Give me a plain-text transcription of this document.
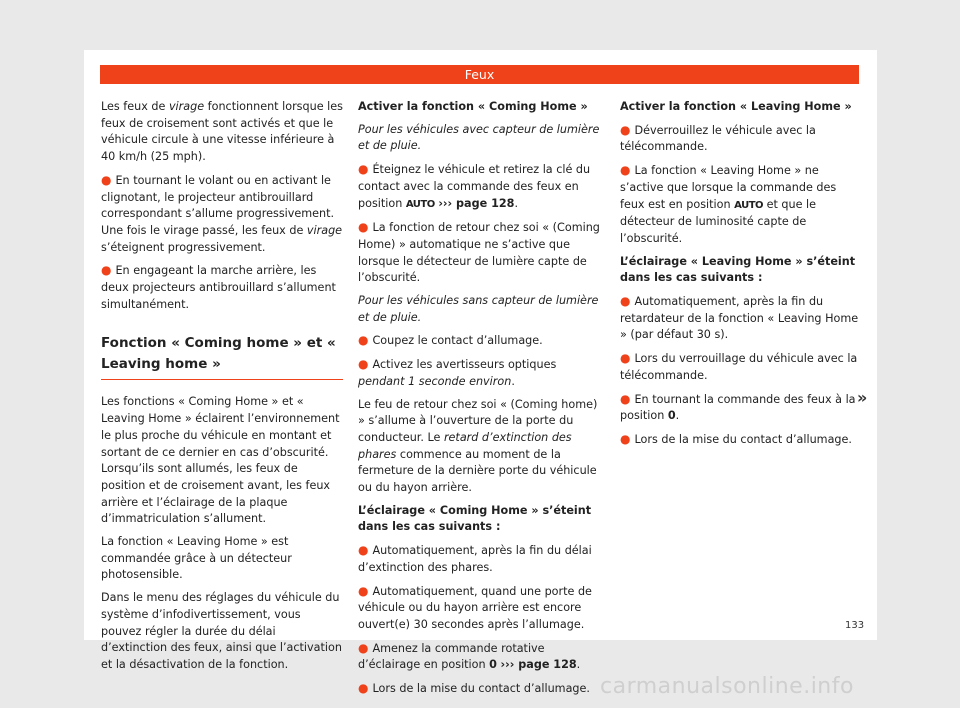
Feux

Les feux de virage fonctionnent lorsque les feux de croisement sont activés et que le véhicule circule à une vitesse inférieure à 40 km/h (25 mph).

● En tournant le volant ou en activant le clignotant, le projecteur antibrouillard correspondant s’allume progressivement. Une fois le virage passé, les feux de virage s’éteignent progressivement.

● En engageant la marche arrière, les deux projecteurs antibrouillard s’allument simultanément.

Fonction « Coming home » et « Leaving home »

Les fonctions « Coming Home » et « Leaving Home » éclairent l’environnement le plus proche du véhicule en montant et sortant de ce dernier en cas d’obscurité. Lorsqu’ils sont allumés, les feux de position et de croisement avant, les feux arrière et l’éclairage de la plaque d’immatriculation s’allument.

La fonction « Leaving Home » est commandée grâce à un détecteur photosensible.

Dans le menu des réglages du véhicule du système d’infodivertissement, vous pouvez régler la durée du délai d’extinction des feux, ainsi que l’activation et la désactivation de la fonction.

Activer la fonction « Coming Home »

Pour les véhicules avec capteur de lumière et de pluie.

● Éteignez le véhicule et retirez la clé du contact avec la commande des feux en position AUTO ››› page 128.

● La fonction de retour chez soi « (Coming Home) » automatique ne s’active que lorsque le détecteur de lumière capte de l’obscurité.

Pour les véhicules sans capteur de lumière et de pluie.

● Coupez le contact d’allumage.

● Activez les avertisseurs optiques pendant 1 seconde environ.

Le feu de retour chez soi « (Coming home) » s’allume à l’ouverture de la porte du conducteur. Le retard d’extinction des phares commence au moment de la fermeture de la dernière porte du véhicule ou du hayon arrière.

L’éclairage « Coming Home » s’éteint dans les cas suivants :

● Automatiquement, après la fin du délai d’extinction des phares.

● Automatiquement, quand une porte de véhicule ou du hayon arrière est encore ouvert(e) 30 secondes après l’allumage.

● Amenez la commande rotative d’éclairage en position 0 ››› page 128.

● Lors de la mise du contact d’allumage.

Activer la fonction « Leaving Home »

● Déverrouillez le véhicule avec la télécommande.

● La fonction « Leaving Home » ne s’active que lorsque la commande des feux est en position AUTO et que le détecteur de luminosité capte de l’obscurité.

L’éclairage « Leaving Home » s’éteint dans les cas suivants :

● Automatiquement, après la fin du retardateur de la fonction « Leaving Home » (par défaut 30 s).

● Lors du verrouillage du véhicule avec la télécommande.

● En tournant la commande des feux à la position 0.

● Lors de la mise du contact d’allumage.

»
133
carmanualsonline.info
